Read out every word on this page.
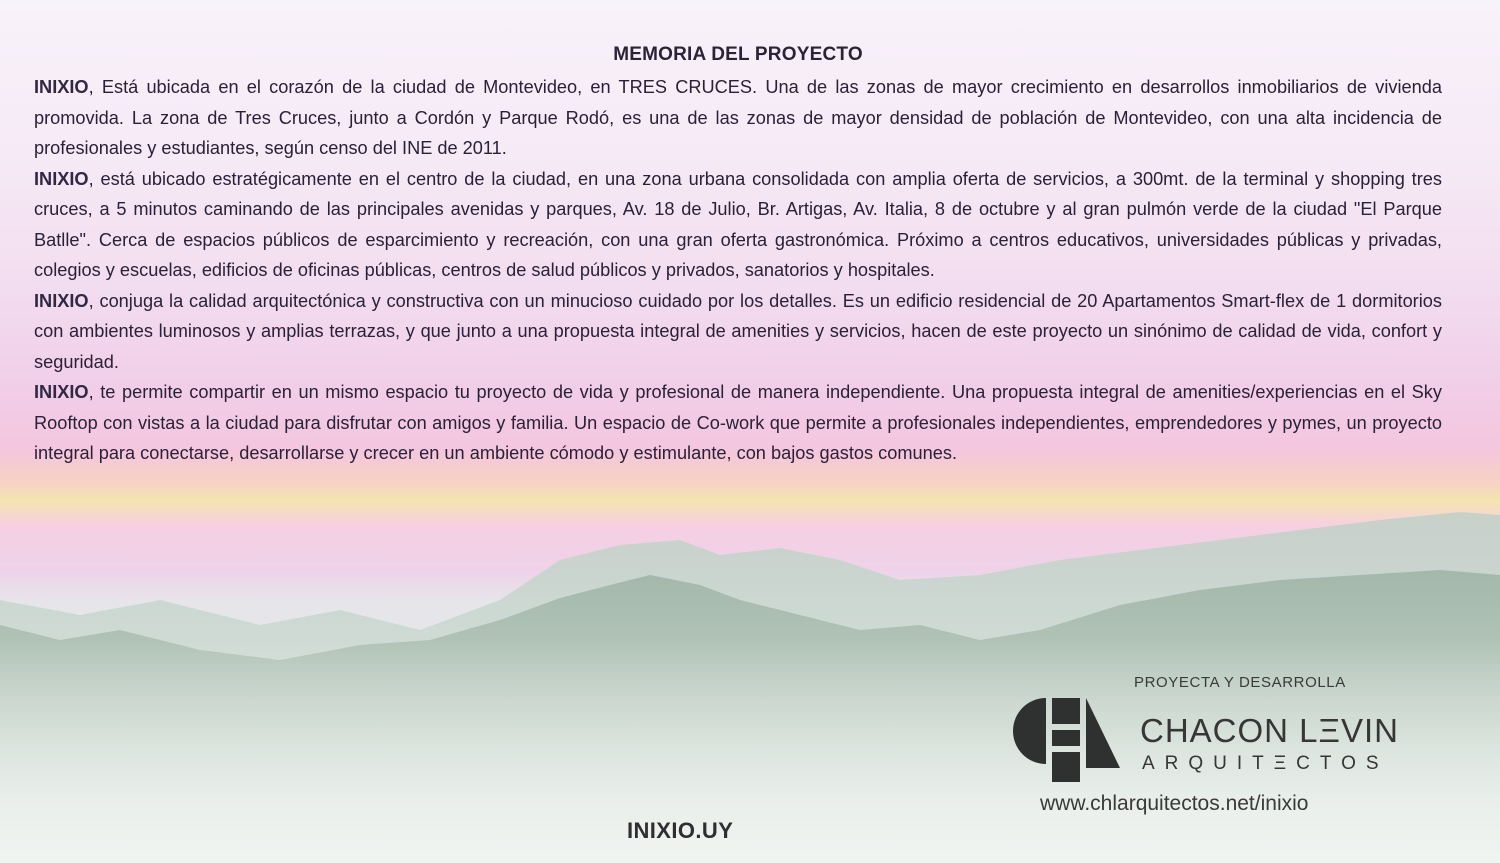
MEMORIA DEL PROYECTO

INIXIO, Está ubicada en el corazón de la ciudad de Montevideo, en TRES CRUCES. Una de las zonas de mayor crecimiento en desarrollos inmobiliarios de vivienda promovida. La zona de Tres Cruces, junto a Cordón y Parque Rodó, es una de las zonas de mayor densidad de población de Montevideo, con una alta incidencia de profesionales y estudiantes, según censo del INE de 2011.

INIXIO, está ubicado estratégicamente en el centro de la ciudad, en una zona urbana consolidada con amplia oferta de servicios, a 300mt. de la terminal y shopping tres cruces, a 5 minutos caminando de las principales avenidas y parques, Av. 18 de Julio, Br. Artigas, Av. Italia, 8 de octubre y al gran pulmón verde de la ciudad "El Parque Batlle". Cerca de espacios públicos de esparcimiento y recreación, con una gran oferta gastronómica. Próximo a centros educativos, universidades públicas y privadas, colegios y escuelas, edificios de oficinas públicas, centros de salud públicos y privados, sanatorios y hospitales.

INIXIO, conjuga la calidad arquitectónica y constructiva con un minucioso cuidado por los detalles. Es un edificio residencial de 20 Apartamentos Smart-flex de 1 dormitorios con ambientes luminosos y amplias terrazas, y que junto a una propuesta integral de amenities y servicios, hacen de este proyecto un sinónimo de calidad de vida, confort y seguridad.

INIXIO, te permite compartir en un mismo espacio tu proyecto de vida y profesional de manera independiente. Una propuesta integral de amenities/experiencias en el Sky Rooftop con vistas a la ciudad para disfrutar con amigos y familia. Un espacio de Co-work que permite a profesionales independientes, emprendedores y pymes, un proyecto integral para conectarse, desarrollarse y crecer en un ambiente cómodo y estimulante, con bajos gastos comunes.

PROYECTA Y DESARROLLA
CHACON LΞVIN
ARQUITΞCTOS
www.chlarquitectos.net/inixio
INIXIO.UY
